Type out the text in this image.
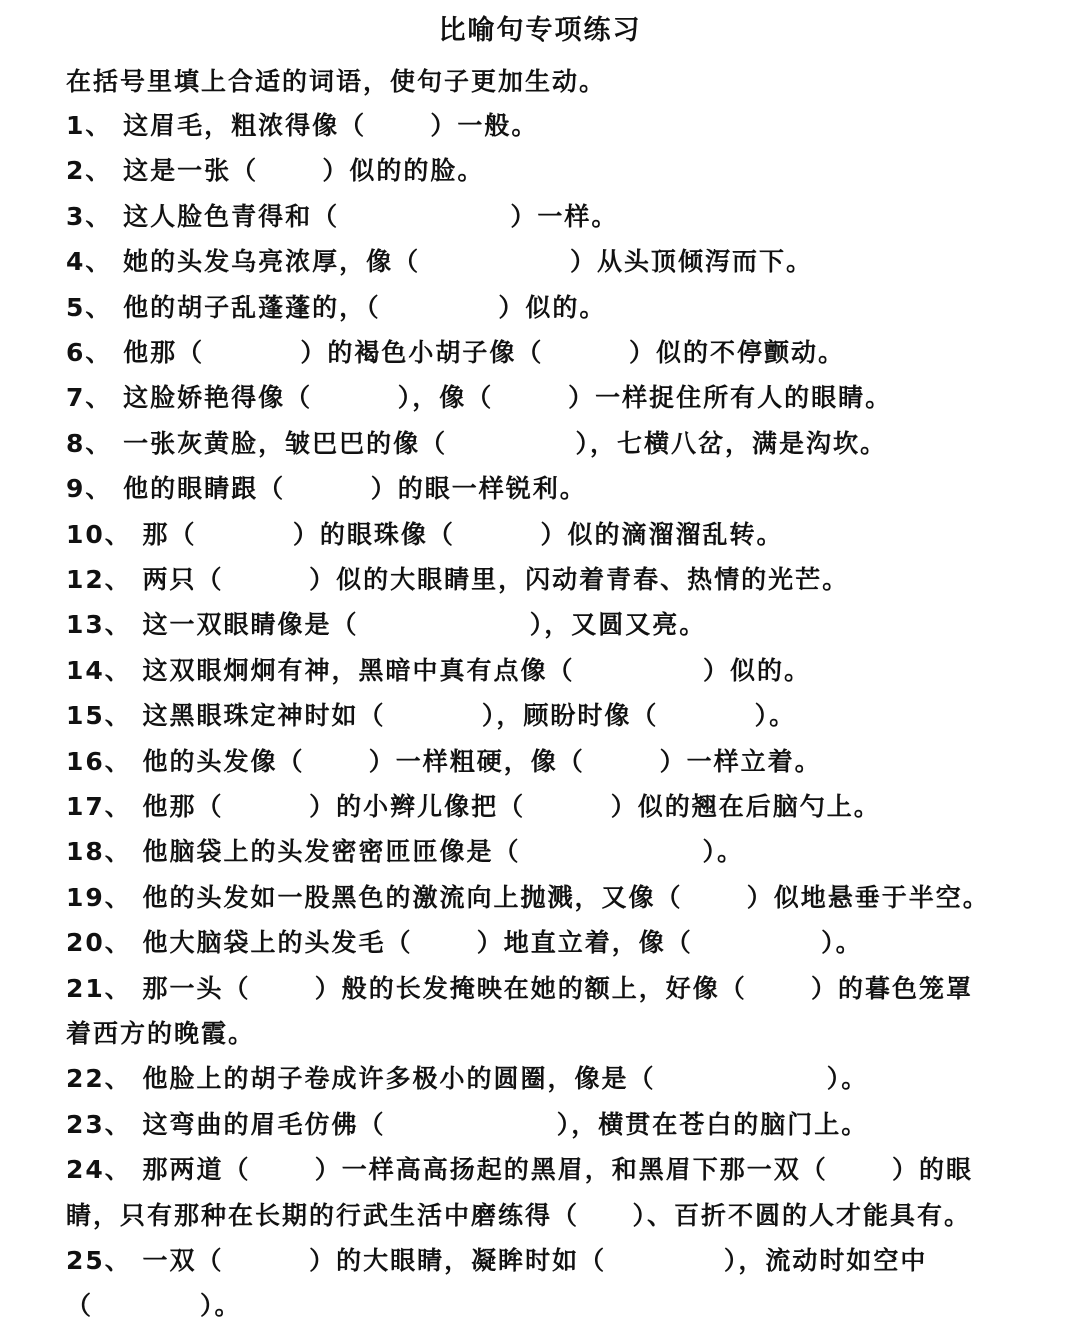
比喻句专项练习
在括号里填上合适的词语，使句子更加生动。
1、 这眉毛，粗浓得像（      ）一般。
2、 这是一张（      ）似的的脸。
3、 这人脸色青得和（                ）一样。
4、 她的头发乌亮浓厚，像（              ）从头顶倾泻而下。
5、 他的胡子乱蓬蓬的，（           ）似的。
6、 他那（         ）的褐色小胡子像（        ）似的不停颤动。
7、 这脸娇艳得像（        ），像（       ）一样捉住所有人的眼睛。
8、 一张灰黄脸，皱巴巴的像（            ），七横八岔，满是沟坎。
9、 他的眼睛跟（        ）的眼一样锐利。
10、 那（         ）的眼珠像（        ）似的滴溜溜乱转。
12、 两只（        ）似的大眼睛里，闪动着青春、热情的光芒。
13、 这一双眼睛像是（                ），又圆又亮。
14、 这双眼炯炯有神，黑暗中真有点像（            ）似的。
15、 这黑眼珠定神时如（         ），顾盼时像（         ）。
16、 他的头发像（      ）一样粗硬，像（       ）一样立着。
17、 他那（        ）的小辫儿像把（        ）似的翘在后脑勺上。
18、 他脑袋上的头发密密匝匝像是（                 ）。
19、 他的头发如一股黑色的激流向上抛溅，又像（      ）似地悬垂于半空。
20、 他大脑袋上的头发毛（      ）地直立着，像（            ）。
21、 那一头（      ）般的长发掩映在她的额上，好像（      ）的暮色笼罩
着西方的晚霞。
22、 他脸上的胡子卷成许多极小的圆圈，像是（                ）。
23、 这弯曲的眉毛仿佛（                ），横贯在苍白的脑门上。
24、 那两道（      ）一样高高扬起的黑眉，和黑眉下那一双（      ）的眼
睛，只有那种在长期的行武生活中磨练得（     ）、百折不圆的人才能具有。
25、 一双（        ）的大眼睛，凝眸时如（           ），流动时如空中
（          ）。
